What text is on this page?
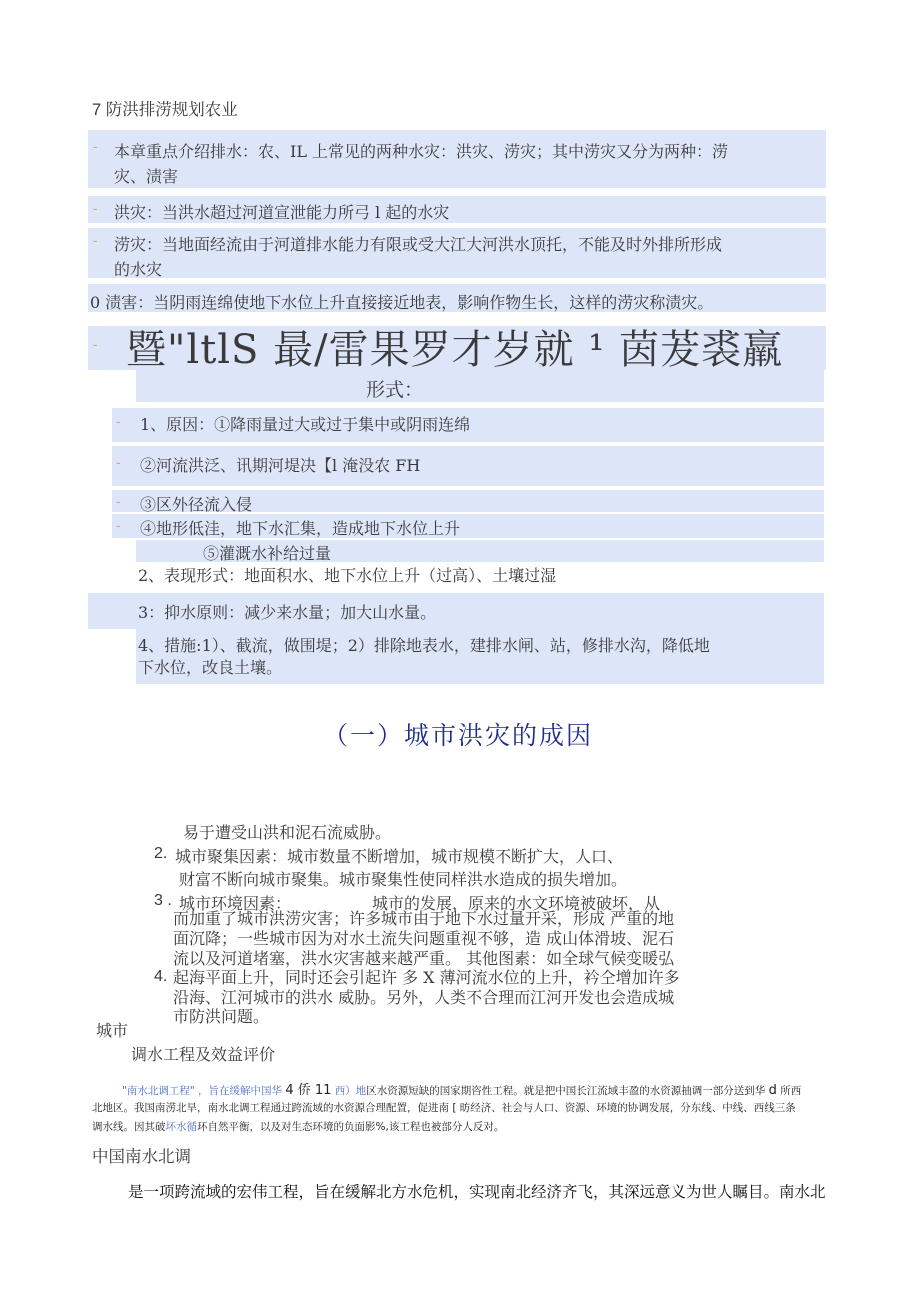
7 防洪排涝规划农业
- 本章重点介绍排水：农、IL 上常见的两种水灾：洪灾、涝灾；其中涝灾又分为两种：涝
灾、渍害
- 洪灾：当洪水超过河道宣泄能力所弓 l 起的水灾
- 涝灾：当地面经流由于河道排水能力有限或受大江大河洪水顶托，不能及时外排所形成
的水灾
0 渍害：当阴雨连绵使地下水位上升直接接近地表，影响作物生长，这样的涝灾称渍灾。
- 暨"ltlS 最/雷果罗才岁就 ¹ 茵茇裘羸
形式：
- 1、原因：①降雨量过大或过于集中或阴雨连绵
- ②河流洪泛、讯期河堤决【l 淹没农 FH
- ③区外径流入侵
- ④地形低洼，地下水汇集，造成地下水位上升
⑤灌溉水补给过量
2、表现形式：地面积水、地下水位上升（过高）、土壤过湿
3：抑水原则：减少来水量；加大山水量。
4、措施:1）、截流，做围堤；2）排除地表水，建排水闸、站，修排水沟，降低地
下水位，改良土壤。
（一）城市洪灾的成因
易于遭受山洪和泥石流威胁。
2. 城市聚集因素：城市数量不断增加，城市规模不断扩大，人口、
财富不断向城市聚集。城市聚集性使同样洪水造成的损失增加。
3 . 城市环境因素：	城市的发展，原来的水文环境被破坏，从
而加重了城市洪涝灾害；许多城市由于地下水过量开采，形成 严重的地
面沉降；一些城市因为对水土流失问题重视不够，造 成山体滑坡、泥石
流以及河道堵塞，洪水灾害越来越严重。 其他图素：如全球气候变暖弘
4. 起海平面上升，同时还会引起许 多 X 薄河流水位的上升，衿仝增加许多
沿海、江河城市的洪水 威胁。另外，人类不合理而江河开发也会造成城
市防洪问题。
城市
调水工程及效益评价
"南水北调工程" ，旨在缓解中国华 4 侨 11 西）地区水资源短缺的国家期咨性工程。就是把中国长江流域丰盈的水资源抽调一部分送到华 d 所西
北地区。我国南涝北旱，南水北调工程通过跨流域的水资源合理配置，促进南 [ 昉经济、社会与人口、资源、环境的协调发展，分东线、中线、西线三条
调水线。因其破坏水循环自然平衡，以及对生态环境的负面影%,该工程也被部分人反对。
中国南水北调
是一项跨流域的宏伟工程，旨在缓解北方水危机，实现南北经济齐飞，其深远意义为世人瞩目。南水北
